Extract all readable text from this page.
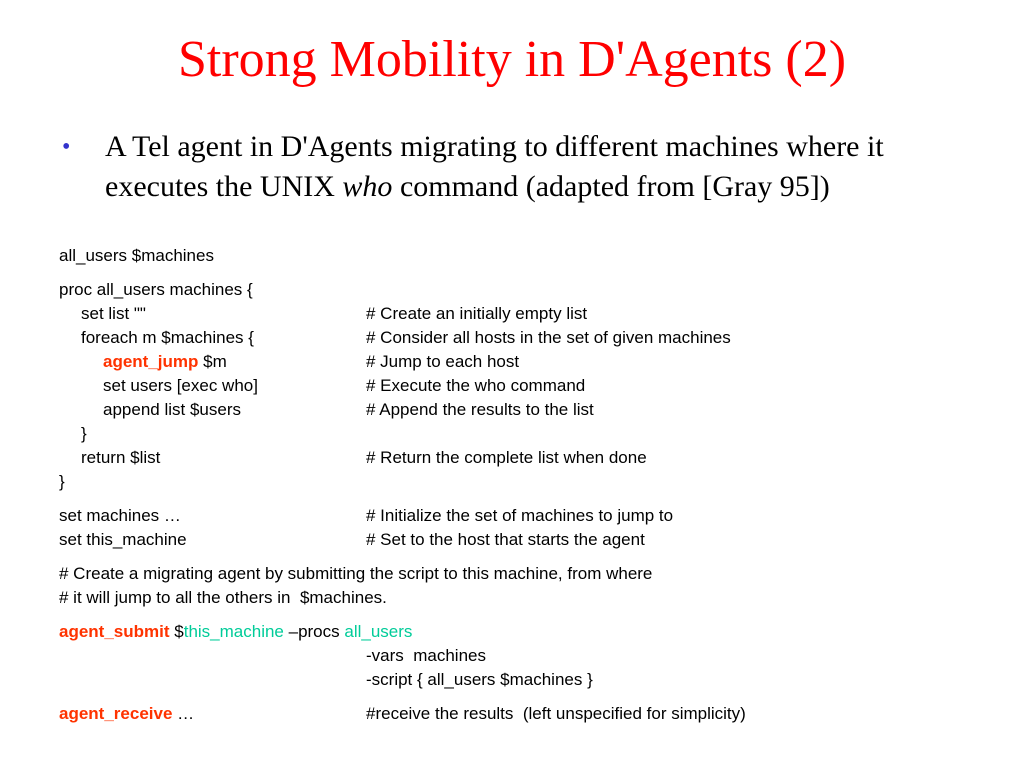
Strong Mobility in D'Agents (2)
• A Tel agent in D'Agents migrating to different machines where it executes the UNIX who command (adapted from [Gray 95])
all_users $machines
proc all_users machines {
set list ""	# Create an initially empty list
foreach m $machines {	# Consider all hosts in the set of given machines
agent_jump $m	# Jump to each host
set users [exec who]	# Execute the who command
append list $users	# Append the results to the list
}
return $list	# Return the complete list when done
}
set machines …	# Initialize the set of machines to jump to
set this_machine	# Set to the host that starts the agent
# Create a migrating agent by submitting the script to this machine, from where
# it will jump to all the others in  $machines.
agent_submit $this_machine –procs all_users
-vars  machines
-script { all_users $machines }
agent_receive …	#receive the results  (left unspecified for simplicity)
